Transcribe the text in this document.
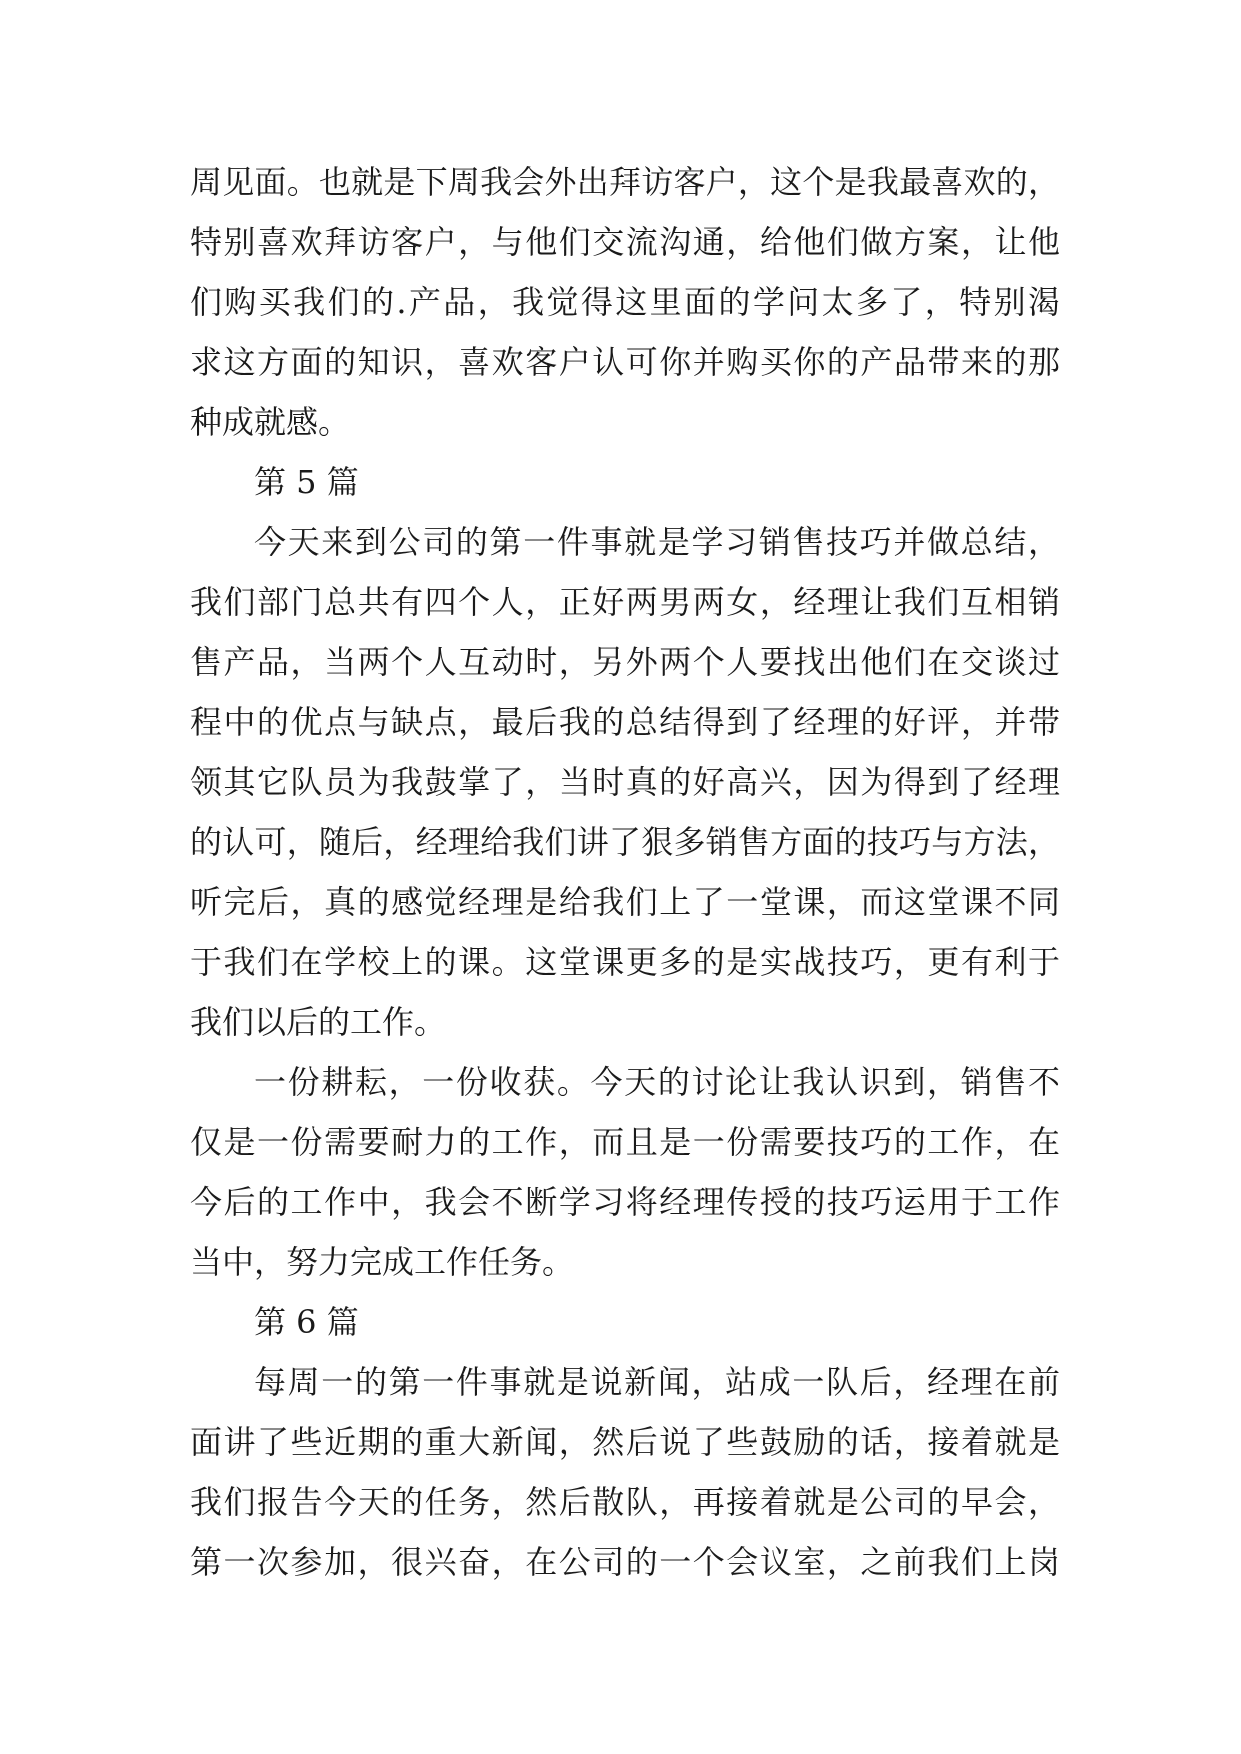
周见面。也就是下周我会外出拜访客户，这个是我最喜欢的，
特别喜欢拜访客户，与他们交流沟通，给他们做方案，让他
们购买我们的.产品，我觉得这里面的学问太多了，特别渴
求这方面的知识，喜欢客户认可你并购买你的产品带来的那
种成就感。
第 5 篇
今天来到公司的第一件事就是学习销售技巧并做总结，
我们部门总共有四个人，正好两男两女，经理让我们互相销
售产品，当两个人互动时，另外两个人要找出他们在交谈过
程中的优点与缺点，最后我的总结得到了经理的好评，并带
领其它队员为我鼓掌了，当时真的好高兴，因为得到了经理
的认可，随后，经理给我们讲了狠多销售方面的技巧与方法，
听完后，真的感觉经理是给我们上了一堂课，而这堂课不同
于我们在学校上的课。这堂课更多的是实战技巧，更有利于
我们以后的工作。
一份耕耘，一份收获。今天的讨论让我认识到，销售不
仅是一份需要耐力的工作，而且是一份需要技巧的工作，在
今后的工作中，我会不断学习将经理传授的技巧运用于工作
当中，努力完成工作任务。
第 6 篇
每周一的第一件事就是说新闻，站成一队后，经理在前
面讲了些近期的重大新闻，然后说了些鼓励的话，接着就是
我们报告今天的任务，然后散队，再接着就是公司的早会，
第一次参加，很兴奋，在公司的一个会议室，之前我们上岗
